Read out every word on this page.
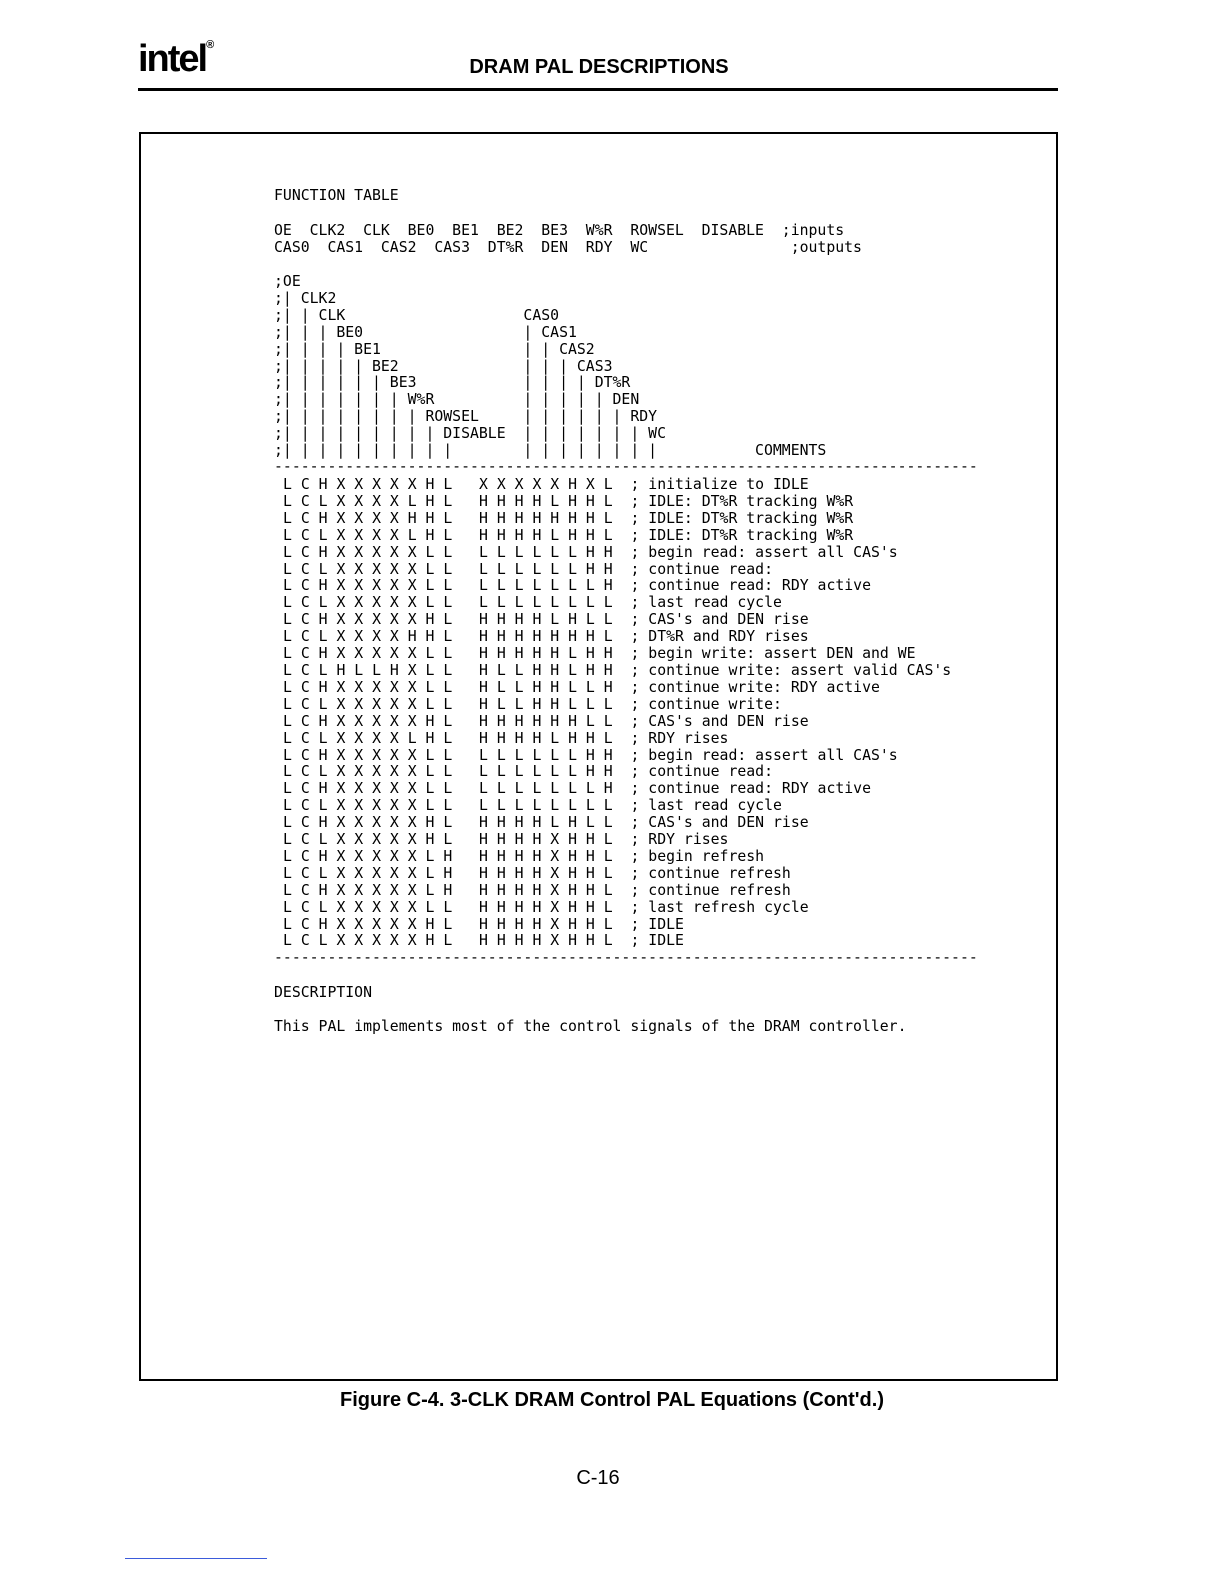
intel®
DRAM PAL DESCRIPTIONS
FUNCTION TABLE
OE  CLK2  CLK  BE0  BE1  BE2  BE3  W%R  ROWSEL  DISABLE  ;inputs
CAS0  CAS1  CAS2  CAS3  DT%R  DEN  RDY  WC                ;outputs
;OE
;| CLK2
;| | CLK                    CAS0
;| | | BE0                  | CAS1
;| | | | BE1                | | CAS2
;| | | | | BE2              | | | CAS3
;| | | | | | BE3            | | | | DT%R
;| | | | | | | W%R          | | | | | DEN
;| | | | | | | | ROWSEL     | | | | | | RDY
;| | | | | | | | | DISABLE  | | | | | | | WC
;| | | | | | | | | |        | | | | | | | |           COMMENTS
-------------------------------------------------------------------------------
L C H X X X X X H L X X X X X H X L  ; initialize to IDLE
L C L X X X X L H L H H H H L H H L  ; IDLE: DT%R tracking W%R
L C H X X X X H H L H H H H H H H L  ; IDLE: DT%R tracking W%R
L C L X X X X L H L H H H H L H H L  ; IDLE: DT%R tracking W%R
L C H X X X X X L L L L L L L L H H  ; begin read: assert all CAS's
L C L X X X X X L L L L L L L L H H  ; continue read:
L C H X X X X X L L L L L L L L L H  ; continue read: RDY active
L C L X X X X X L L L L L L L L L L  ; last read cycle
L C H X X X X X H L H H H H L H L L  ; CAS's and DEN rise
L C L X X X X H H L H H H H H H H L  ; DT%R and RDY rises
L C H X X X X X L L H H H H H L H H  ; begin write: assert DEN and WE
L C L H L L H X L L H L L H H L H H  ; continue write: assert valid CAS's
L C H X X X X X L L H L L H H L L H  ; continue write: RDY active
L C L X X X X X L L H L L H H L L L  ; continue write:
L C H X X X X X H L H H H H H H L L  ; CAS's and DEN rise
L C L X X X X L H L H H H H L H H L  ; RDY rises
L C H X X X X X L L L L L L L L H H  ; begin read: assert all CAS's
L C L X X X X X L L L L L L L L H H  ; continue read:
L C H X X X X X L L L L L L L L L H  ; continue read: RDY active
L C L X X X X X L L L L L L L L L L  ; last read cycle
L C H X X X X X H L H H H H L H L L  ; CAS's and DEN rise
L C L X X X X X H L H H H H X H H L  ; RDY rises
L C H X X X X X L H H H H H X H H L  ; begin refresh
L C L X X X X X L H H H H H X H H L  ; continue refresh
L C H X X X X X L H H H H H X H H L  ; continue refresh
L C L X X X X X L L H H H H X H H L  ; last refresh cycle
L C H X X X X X H L H H H H X H H L  ; IDLE
L C L X X X X X H L H H H H X H H L  ; IDLE
-------------------------------------------------------------------------------
DESCRIPTION
This PAL implements most of the control signals of the DRAM controller.
Figure C-4. 3-CLK DRAM Control PAL Equations (Cont'd.)
C-16
